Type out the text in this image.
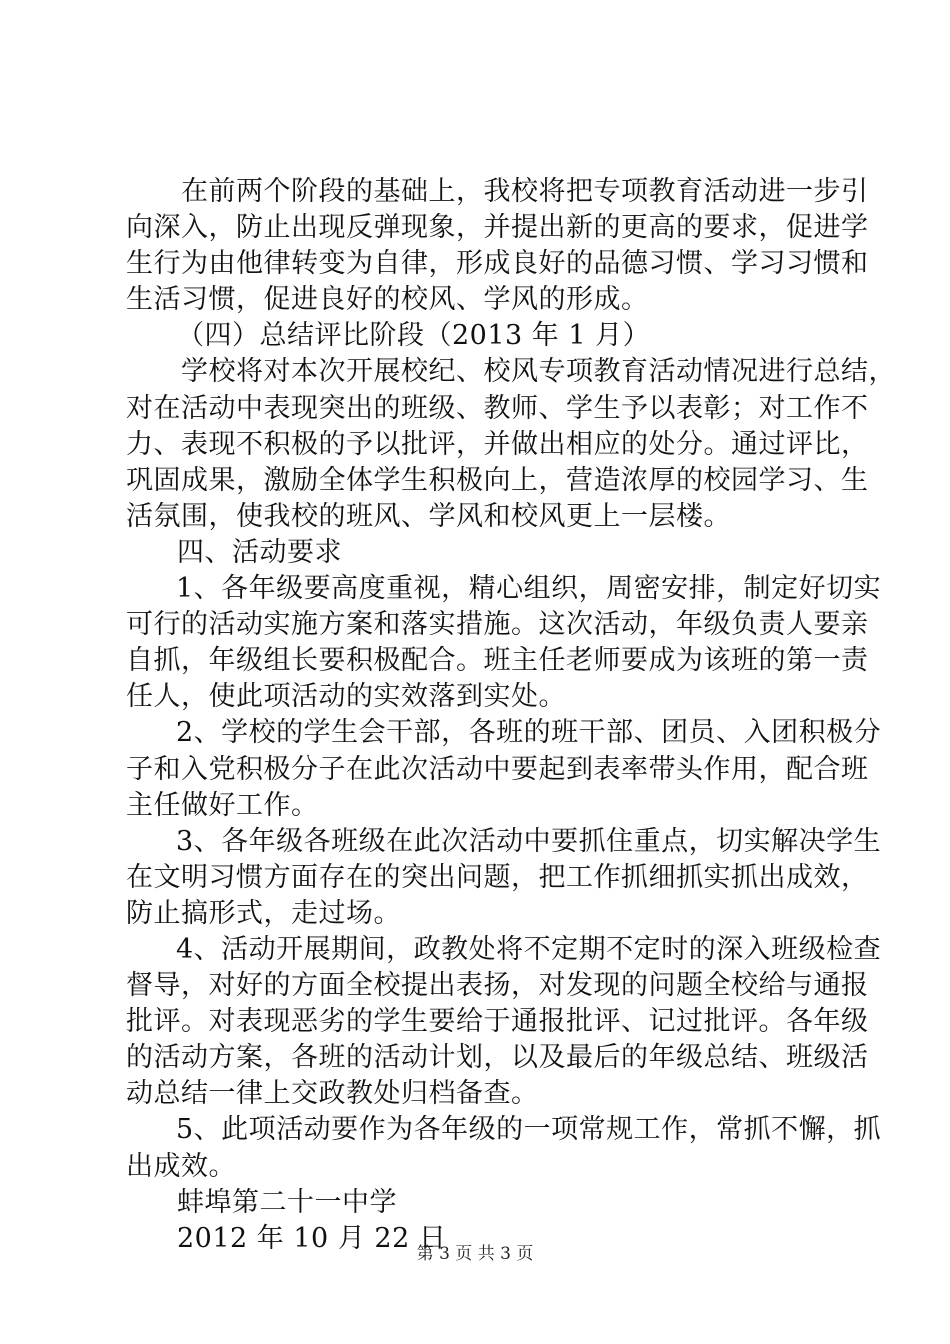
在前两个阶段的基础上，我校将把专项教育活动进一步引
向深入，防止出现反弹现象，并提出新的更高的要求，促进学
生行为由他律转变为自律，形成良好的品德习惯、学习习惯和
生活习惯，促进良好的校风、学风的形成。
（四）总结评比阶段（2013 年 1 月）
学校将对本次开展校纪、校风专项教育活动情况进行总结，
对在活动中表现突出的班级、教师、学生予以表彰；对工作不
力、表现不积极的予以批评，并做出相应的处分。通过评比，
巩固成果，激励全体学生积极向上，营造浓厚的校园学习、生
活氛围，使我校的班风、学风和校风更上一层楼。
四、活动要求
1、各年级要高度重视，精心组织，周密安排，制定好切实
可行的活动实施方案和落实措施。这次活动，年级负责人要亲
自抓，年级组长要积极配合。班主任老师要成为该班的第一责
任人，使此项活动的实效落到实处。
2、学校的学生会干部，各班的班干部、团员、入团积极分
子和入党积极分子在此次活动中要起到表率带头作用，配合班
主任做好工作。
3、各年级各班级在此次活动中要抓住重点，切实解决学生
在文明习惯方面存在的突出问题，把工作抓细抓实抓出成效，
防止搞形式，走过场。
4、活动开展期间，政教处将不定期不定时的深入班级检查
督导，对好的方面全校提出表扬，对发现的问题全校给与通报
批评。对表现恶劣的学生要给于通报批评、记过批评。各年级
的活动方案，各班的活动计划，以及最后的年级总结、班级活
动总结一律上交政教处归档备查。
5、此项活动要作为各年级的一项常规工作，常抓不懈，抓
出成效。
蚌埠第二十一中学
2012 年 10 月 22 日
第 3 页 共 3 页
